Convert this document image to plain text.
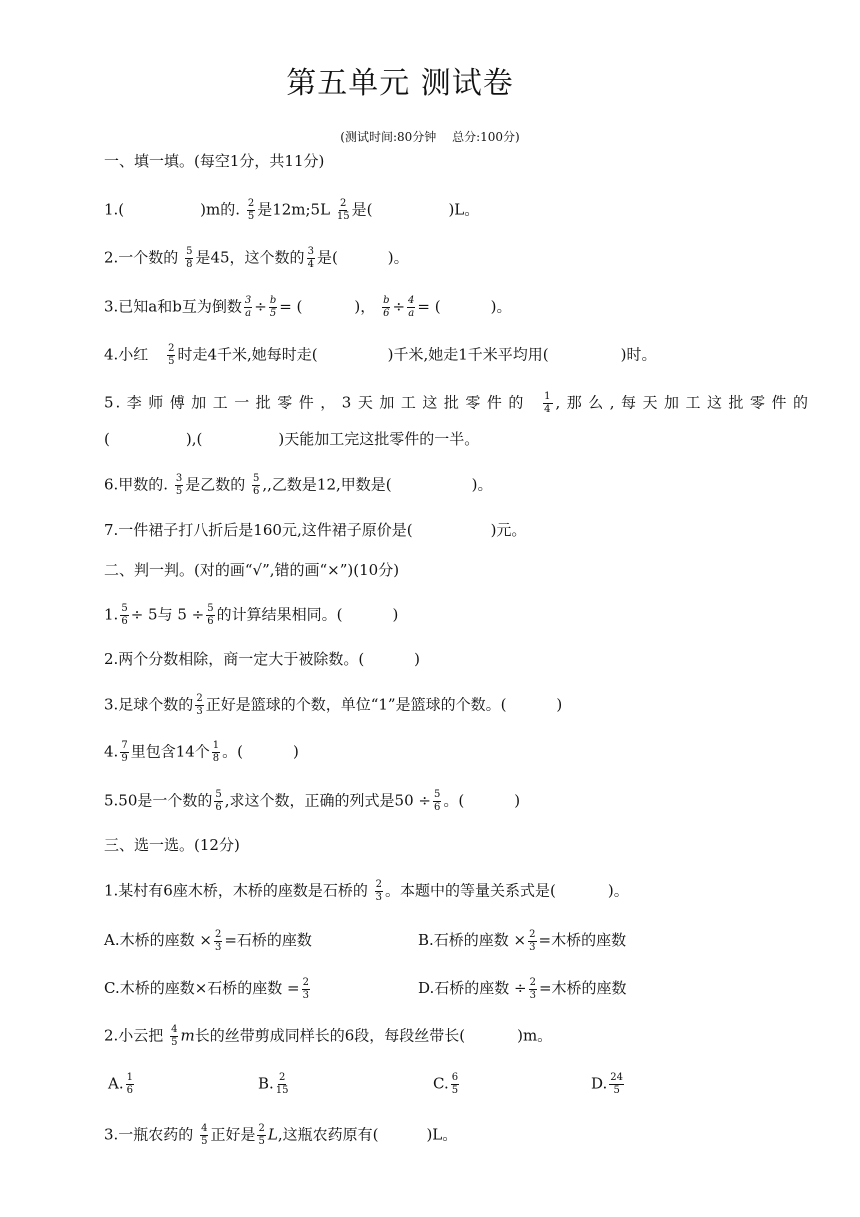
第五单元 测试卷
(测试时间:80分钟 总分:100分)
一、填一填。(每空1分，共11分)
1.(	)m的. $\frac{2}{5}$ 是12m;5L $\frac{2}{15}$ 是(	)L。
2.一个数的 $\frac{5}{8}$ 是45，这个数的 $\frac{3}{4}$ 是(	)。
3.已知a和b互为倒数 $\frac{3}{a} \div \frac{b}{5}$ = (	)， $\frac{b}{6} \div \frac{4}{a}$ = (	)。
4.小红 $\frac{2}{5}$ 时走4千米,她每时走(	)千米,她走1千米平均用(	)时。
5.李师傅加工一批零件，3天加工这批零件的 $\frac{1}{4}$ ,那么,每天加工这批零件的
(	),(	)天能加工完这批零件的一半。
6.甲数的. $\frac{3}{5}$ 是乙数的 $\frac{5}{6}$ ,,乙数是12,甲数是(	)。
7.一件裙子打八折后是160元,这件裙子原价是(	)元。
二、判一判。(对的画“√”,错的画“×”)(10分)
1. $\frac{5}{6} \div 5$与 $5 \div \frac{5}{6}$ 的计算结果相同。(	)
2.两个分数相除，商一定大于被除数。(	)
3.足球个数的 $\frac{2}{3}$ 正好是篮球的个数，单位“1”是篮球的个数。(	)
4. $\frac{7}{9}$ 里包含14个 $\frac{1}{8}$ 。(	)
5.50是一个数的 $\frac{5}{6}$ ,求这个数，正确的列式是$50 \div \frac{5}{6}$ 。(	)
三、选一选。(12分)
1.某村有6座木桥，木桥的座数是石桥的 $\frac{2}{3}$ 。本题中的等量关系式是(	)。
A.木桥的座数 × $\frac{2}{3}$ =石桥的座数	B.石桥的座数 × $\frac{2}{3}$ =木桥的座数
C.木桥的座数×石桥的座数 = $\frac{2}{3}$	D.石桥的座数 ÷ $\frac{2}{3}$ =木桥的座数
2.小云把 $\frac{4}{5}$ m长的丝带剪成同样长的6段，每段丝带长(	)m。
A. $\frac{1}{6}$	B. $\frac{2}{15}$	C. $\frac{6}{5}$	D. $\frac{24}{5}$
3.一瓶农药的 $\frac{4}{5}$ 正好是 $\frac{2}{5} L$,这瓶农药原有(	)L。
